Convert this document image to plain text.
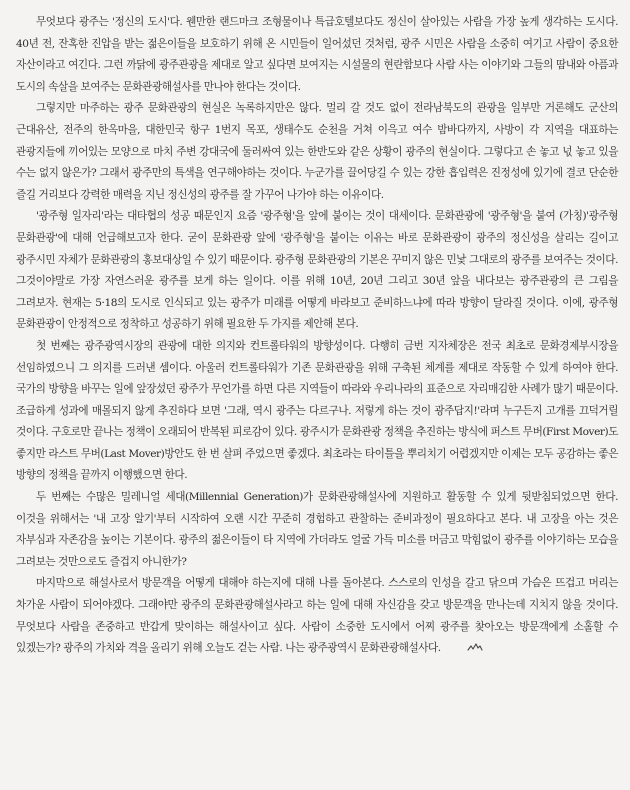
무엇보다 광주는 '정신의 도시'다. 웬만한 랜드마크 조형물이나 특급호텔보다도 정신이 살아있는 사람을 가장 높게 생각하는 도시다. 40년 전, 잔혹한 진압을 받는 젊은이들을 보호하기 위해 온 시민들이 일어섰던 것처럼, 광주 시민은 사람을 소중히 여기고 사람이 중요한 자산이라고 여긴다. 그런 까닭에 광주관광을 제대로 알고 싶다면 보여지는 시설물의 현란함보다 사람 사는 이야기와 그들의 땀내와 아픔과 도시의 속살을 보여주는 문화관광해설사를 만나야 한다는 것이다.

그렇지만 마주하는 광주 문화관광의 현실은 녹록하지만은 않다. 멀리 갈 것도 없이 전라남북도의 관광을 일부만 거론해도 군산의 근대유산, 전주의 한옥마을, 대한민국 항구 1번지 목포, 생태수도 순천을 거쳐 이윽고 여수 밤바다까지, 사방이 각 지역을 대표하는 관광지들에 끼어있는 모양으로 마치 주변 강대국에 둘러싸여 있는 한반도와 같은 상황이 광주의 현실이다. 그렇다고 손 놓고 넋 놓고 있을 수는 없지 않은가? 그래서 광주만의 특색을 연구해야하는 것이다. 누군가를 끌어당길 수 있는 강한 흡입력은 진정성에 있기에 결코 단순한 즐길 거리보다 강력한 매력을 지닌 정신성의 광주를 잘 가꾸어 나가야 하는 이유이다.

'광주형 일자리'라는 대타협의 성공 때문인지 요즘 '광주형'을 앞에 붙이는 것이 대세이다. 문화관광에 '광주형'을 붙여 (가칭)'광주형 문화관광'에 대해 언급해보고자 한다. 굳이 문화관광 앞에 '광주형'을 붙이는 이유는 바로 문화관광이 광주의 정신성을 살리는 길이고 광주시민 자체가 문화관광의 홍보대상일 수 있기 때문이다. 광주형 문화관광의 기본은 꾸미지 않은 민낯 그대로의 광주를 보여주는 것이다. 그것이야말로 가장 자연스러운 광주를 보게 하는 일이다. 이를 위해 10년, 20년 그리고 30년 앞을 내다보는 광주관광의 큰 그림을 그려보자. 현재는 5·18의 도시로 인식되고 있는 광주가 미래를 어떻게 바라보고 준비하느냐에 따라 방향이 달라질 것이다. 이에, 광주형 문화관광이 안정적으로 정착하고 성공하기 위해 필요한 두 가지를 제안해 본다.

첫 번째는 광주광역시장의 관광에 대한 의지와 컨트롤타워의 방향성이다. 다행히 금번 지자체장은 전국 최초로 문화경제부시장을 선임하였으니 그 의지를 드러낸 셈이다. 아울러 컨트롤타워가 기존 문화관광을 위해 구축된 체계를 제대로 작동할 수 있게 하여야 한다. 국가의 방향을 바꾸는 일에 앞장섰던 광주가 무언가를 하면 다른 지역들이 따라와 우리나라의 표준으로 자리매김한 사례가 많기 때문이다. 조급하게 성과에 매몰되지 않게 추진하다 보면 '그래, 역시 광주는 다르구나. 저렇게 하는 것이 광주답지!'라며 누구든지 고개를 끄덕거릴 것이다. 구호로만 끝나는 정책이 오래되어 반복된 피로감이 있다. 광주시가 문화관광 정책을 추진하는 방식에 퍼스트 무버(First Mover)도 좋지만 라스트 무버(Last Mover)방안도 한 번 살펴 주었으면 좋겠다. 최초라는 타이틀을 뿌리치기 어렵겠지만 이제는 모두 공감하는 좋은 방향의 정책을 끝까지 이행했으면 한다.

두 번째는 수많은 밀레니얼 세대(Millennial Generation)가 문화관광해설사에 지원하고 활동할 수 있게 뒷받침되었으면 한다. 이것을 위해서는 '내 고장 알기'부터 시작하여 오랜 시간 꾸준히 경험하고 관찰하는 준비과정이 필요하다고 본다. 내 고장을 아는 것은 자부심과 자존감을 높이는 기본이다. 광주의 젊은이들이 타 지역에 가더라도 얼굴 가득 미소를 머금고 막힘없이 광주를 이야기하는 모습을 그려보는 것만으로도 즐겁지 아니한가?

마지막으로 해설사로서 방문객을 어떻게 대해야 하는지에 대해 나를 돌아본다. 스스로의 인성을 갈고 닦으며 가슴은 뜨겁고 머리는 차가운 사람이 되어야겠다. 그래야만 광주의 문화관광해설사라고 하는 일에 대해 자신감을 갖고 방문객을 만나는데 지치지 않을 것이다. 무엇보다 사람을 존중하고 반갑게 맞이하는 해설사이고 싶다. 사람이 소중한 도시에서 어찌 광주를 찾아오는 방문객에게 소홀할 수 있겠는가? 광주의 가치와 격을 올리기 위해 오늘도 걷는 사람. 나는 광주광역시 문화관광해설사다.
